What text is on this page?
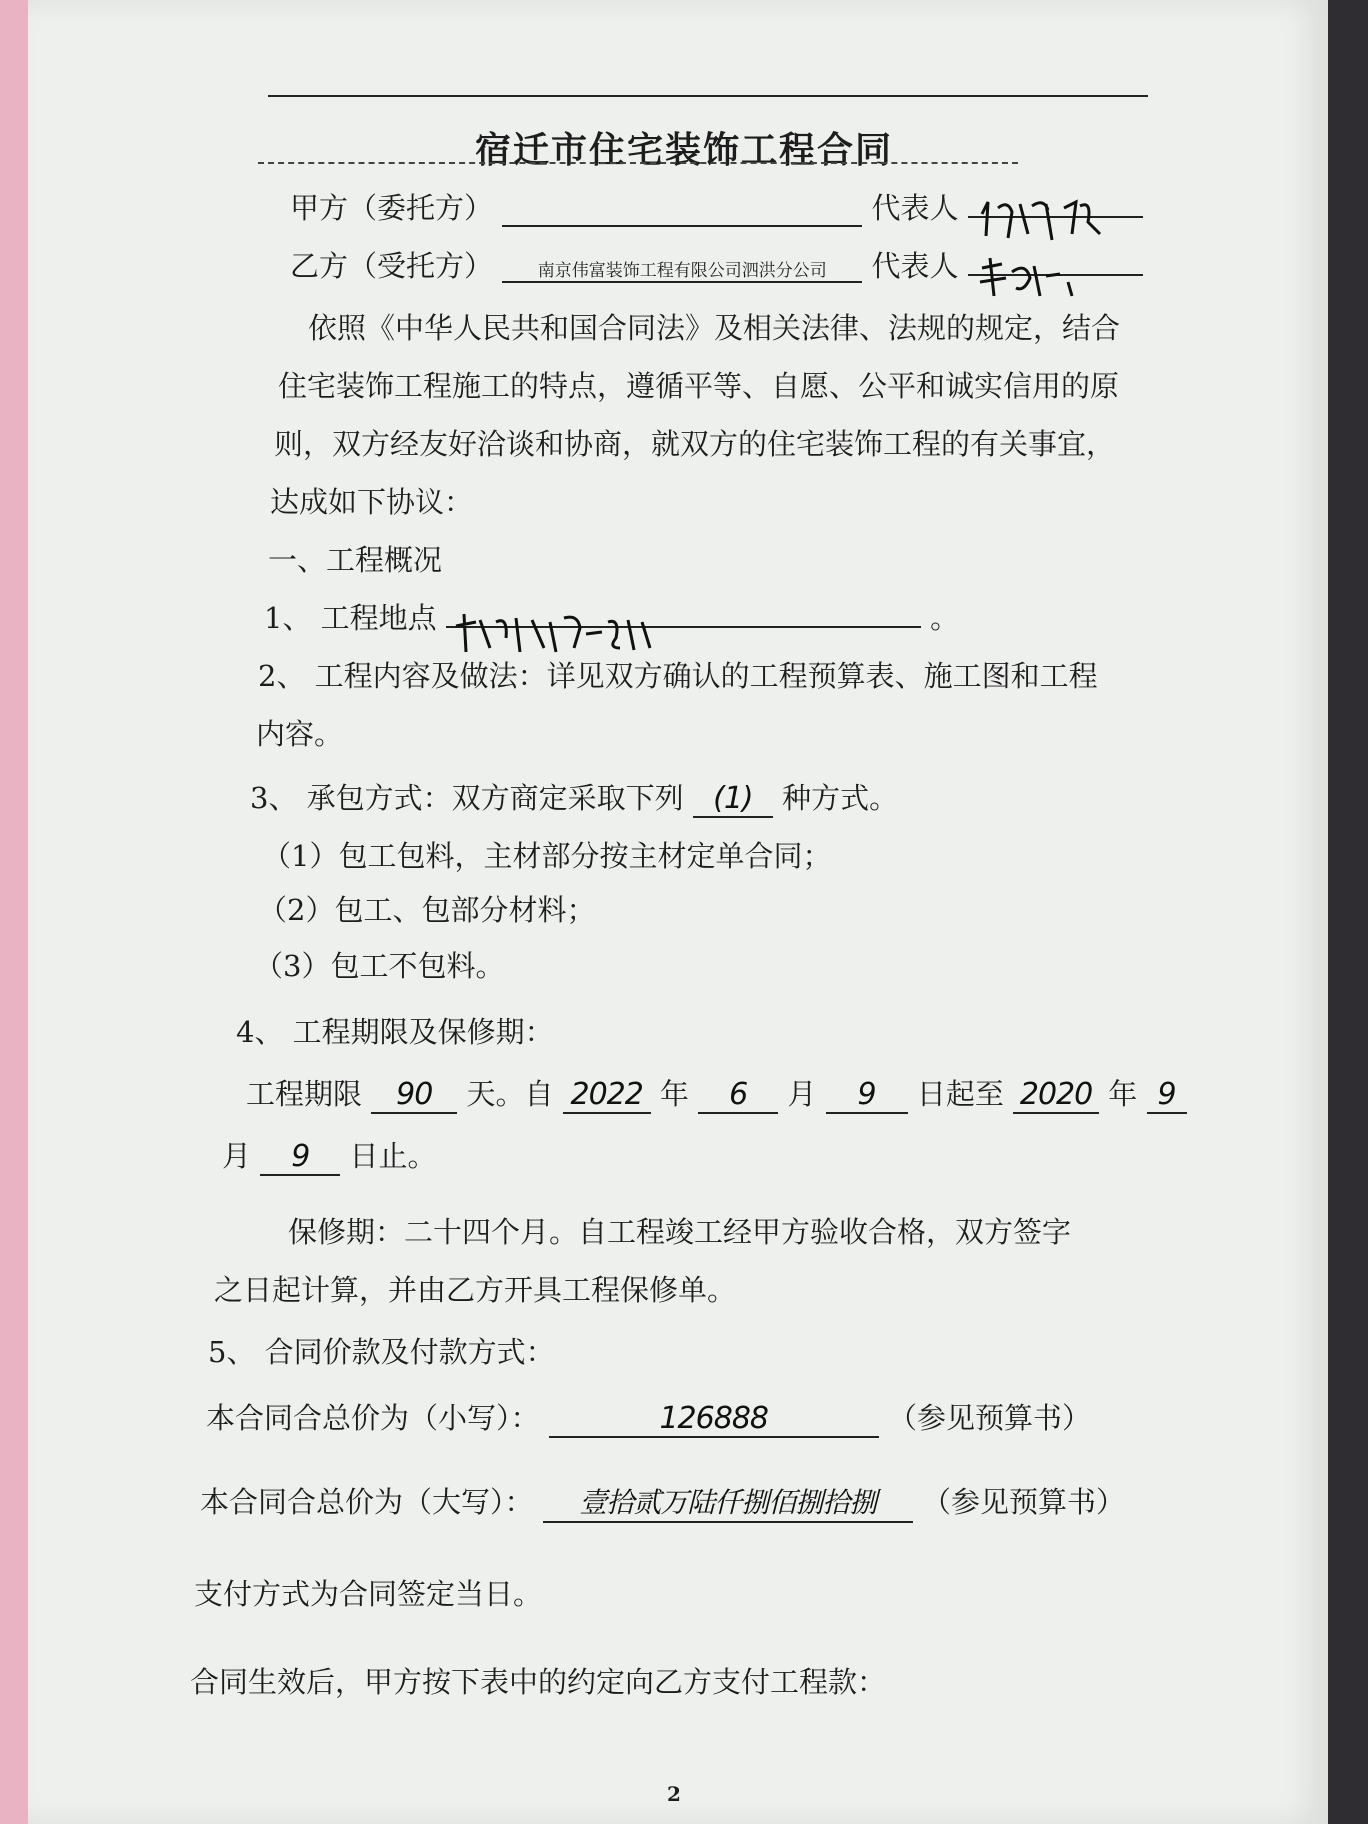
宿迁市住宅装饰工程合同
甲方（委托方）	代表人
乙方（受托方）	南京伟富装饰工程有限公司泗洪分公司 代表人
依照《中华人民共和国合同法》及相关法律、法规的规定，结合
住宅装饰工程施工的特点，遵循平等、自愿、公平和诚实信用的原
则，双方经友好洽谈和协商，就双方的住宅装饰工程的有关事宜，
达成如下协议：
一、工程概况
1、 工程地点	。
2、 工程内容及做法：详见双方确认的工程预算表、施工图和工程
内容。
3、 承包方式：双方商定采取下列 (1) 种方式。
（1）包工包料，主材部分按主材定单合同；
（2）包工、包部分材料；
（3）包工不包料。
4、 工程期限及保修期：
工程期限 90 天。自 2022 年 6 月 9 日起至 2020 年 9
月 9 日止。
保修期：二十四个月。自工程竣工经甲方验收合格，双方签字
之日起计算，并由乙方开具工程保修单。
5、 合同价款及付款方式：
本合同合总价为（小写）：	126888	（参见预算书）
本合同合总价为（大写）： 壹拾贰万陆仟捌佰捌拾捌 （参见预算书）
支付方式为合同签定当日。
合同生效后，甲方按下表中的约定向乙方支付工程款：
2
